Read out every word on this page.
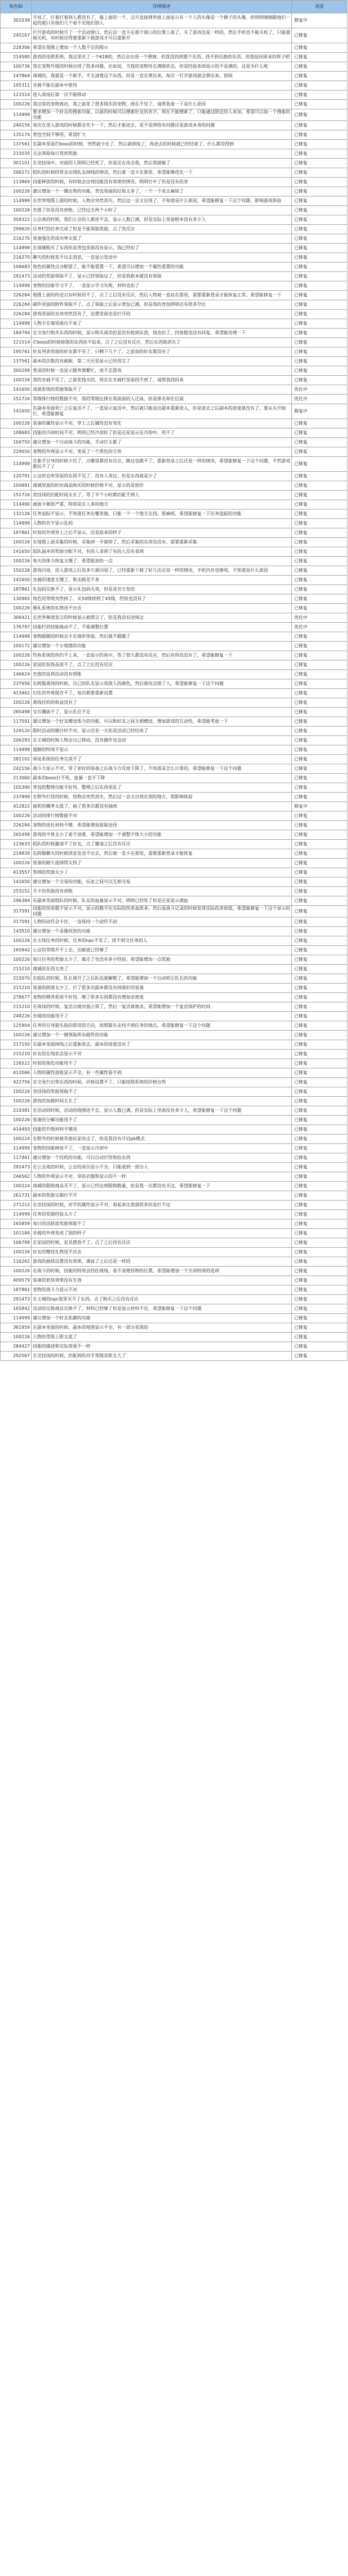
角色ID	详情描述	进度
301039	开局了，打着打着别人都没有了，最上面的一个，点开直接弹界面上面显示有一个人的头像是一个狮子的头像，但明明刚刚跟他们一起的就只有他们几个看不见他们别人	修复中
245167	打开游戏的时候开了一个活动窗口，然后会一直卡在那个窗口的位置上面了，关了游戏也是一样的，然后手机也不能关机了，只能强制关机，有时候还得要重新下载游戏才可以重新开	已修复
228306	希望在地图上增加一个人数不足的提示	已修复
214580	游戏的连锁系统，我这里充了一个618的，然后会出现一个弹窗，但我没找到那个东西，找不到兑换的东西，给我返回原来的样子吧	已修复
100736	我在宠物升级的时候出现了很多问题，比如说，当我的宠物处在满级状态，但是经验条却显示的不是满的，这是为什么呢	已修复
147864	商城的，我就是一个新手，不太清楚这个东西，但是一直在弹出来，每次一打开游戏就会弹出来，很烦	已修复
195311	坐骑不能在副本中使用	已修复
121514	进入战场后第一次不能移动	已修复
100226	我这里的宠物商店，我之前花了很多钱买的宠物，现在不见了，请帮我看一下是什么原因	已修复
114999	要求增加一个好友的搜索功能，以前的时候可以搜索好友的名字，现在不能搜索了，只能通过附近的人来加，希望可以加一个搜索的功能	已修复
240156	每次在进入游戏的时候都会先卡一下，然后才能进去，是不是网络有问题还是游戏本身的问题	已修复
135174	背包空间不够用，希望扩大	已修复
137561	在副本里面打boss的时候，突然就卡住了，然后就掉线了，再进去的时候就已经结束了，什么都没得到	已修复
215035	无法领取每日签到奖励	已修复
301101	在竞技场中，对面的人明明已经死了，但是还在攻击我，然后我就输了	已修复
206272	组队的时候经常会出现队友掉线的情况，然后就一直卡在那里，希望能够优化一下	已修复
113869	技能释放的时候，有时候会出现技能没有效果的情况，明明打中了但是没有伤害	已修复
100226	建议增加一个一键出售的功能，背包里面的垃圾太多了，一个一个卖太麻烦了	已修复
114999	在世界地图上面的时候，人物会突然消失，然后过一会又出现了，不知道是什么原因，希望能修复一下这个问题，影响游戏体验	已修复
100226	充值了但是没有到账，已经过去两个小时了	已修复
358322	公会战的时候，我们公会的人都进不去，显示人数已满，但是实际上里面根本没有多少人	已修复
299620	任务栏的任务完成了但是不能领取奖励，点了没反应	已修复
216270	装备强化的成功率太低了	已修复
114999	在商城购买了东西但是背包里面没有显示，钱已经扣了	已修复
216270	聊天的时候发不出去消息，一直显示发送中	已修复
108683	角色的属性点分配错了，能不能重置一下，希望可以增加一个属性重置的功能	已修复
291473	活动的奖励领取不了，显示已经领取过了，但是我根本就没有领取	已修复
114999	宠物的技能学习不了，一直显示学习失败，材料也扣了	已修复
226284	地图上面的传送点有时候用不了，点了之后没有反应，然后人物就一直站在那里，需要重新登录才能恢复正常，希望能修复一下	已修复
226284	邮件里面的附件领取不了，点了领取之后显示背包已满，但是我的背包明明还有很多空位	已修复
226284	游戏里面的音效突然没有了，设置里面也是打开的	已修复
114999	人物卡在墙里面出不来了	已修复
184794	在交易行购买东西的时候，显示购买成功但是没有收到东西，钱也扣了，找客服也没有回复，希望能处理一下	已修复
121514	打boss的时候掉落的东西捡不起来，点了之后没有反应，然后东西就消失了	已修复
195761	好友列表里面的好友都不见了，只剩下几个了，之前加的好友都没有了	已修复
137561	副本的次数没有刷新，第二天还是显示已经用完了	已修复
300299	登录的时候一直显示服务器繁忙，进不去游戏	已修复
100226	我的坐骑不见了，之前花钱买的，现在在坐骑栏里面找不到了，请帮我找回来	已修复
141650	成就系统的奖励领取不了	优化中
151726	等级排行榜的数据不对，我的等级比排在我前面的人还高，但是排名却在后面	优化中
141650	在副本里面死亡之后复活不了，一直显示复活中，然后就只能退出副本重新进入，但是进去之后副本的进度就没有了，要从头开始打，希望能修复	修复中
100226	装备的属性显示不对，穿上之后属性没有变化	已修复
108683	技能的冷却时间不对，明明已经冷却好了但是还是显示在冷却中，用不了	已修复
104750	建议增加一个自动战斗的功能，手动打太累了	已修复
229050	宠物的外观显示不对，变成了一个黑色的方块	已修复
114999	在新手引导的时候卡住了，点哪里都没有反应，跳过也跳不了，重新登录之后还是一样的情况，希望能修复一下这个问题，不然游戏都玩不了了	已修复
120791	公会的仓库里面的东西不见了，没有人拿过，但是东西就是少了	已修复
100891	商城里面的折扣商品购买的时候价格不对，显示的是原价	已修复
151726	竞技场的匹配时间太长了，等了半个小时都匹配不到人	已修复
114490	画面卡顿很严重，特别是在人多的地方	已修复
132126	任务追踪不显示，不知道任务在哪里做，只能一个一个地方去找，很麻烦，希望能修复一下任务追踪的功能	已修复
114999	人物的名字显示乱码	已修复
187861	时装的外观穿上之后不显示，还是原来的样子	已修复
100226	在地图上面采集的时候，采集到一半就停了，然后采集的东西也没有，需要重新采集	已修复
141650	组队副本的奖励分配不对，有的人拿到了有的人没有拿到	已修复
100226	每天的体力恢复太慢了，希望能加快一点	已修复
150226	游戏闪退，进入游戏之后没多久就闪退了，已经重新下载了好几次还是一样的情况，手机内存也够用，不知道是什么原因	已修复
141650	坐骑的速度太慢了，和走路差不多	已修复
187861	礼包码兑换不了，显示礼包码无效，但是是官方发的	已修复
130965	角色的等级突然掉了，从50级掉到了45级，经验也没有了	已修复
100226	婚礼系统的礼物送不出去	已修复
306421	在世界频道发言的时候显示被禁言了，但是我没有违规过	优化中
176797	技能栏的技能拖动不了，不能调整位置	优化中
114999	宠物跟随的时候会卡在地形里面，然后就不跟随了	已修复
100172	建议增加一个小地图的功能	已修复
100226	钓鱼系统的鱼钓不上来，一直显示钓鱼中，等了很久都没有反应，然后鱼饵也没有了，希望能修复一下	已修复
100226	家园的装饰品放不了，点了之后没有反应	已修复
146624	充值的返利活动没有到账	已修复
237656	在跨服战场的时候，自己的队友显示成敌人的颜色，然后就攻击错了人，希望能修复一下这个问题	已修复
413402	幻化的外观保存不了，每次都要重新设置	已修复
100226	离线挂机的收益没有了	已修复
265498	宝石镶嵌不了，显示孔位不足	已修复
117591	建议增加一个好友赠送体力的功能，可以和好友之间互相赠送，增加游戏的互动性，希望能考虑一下	已修复
129120	限时活动的倒计时不对，显示还有一天但是活动已经结束了	已修复
206293	在主城的时候人物会自己移动，没有操作也会动	已修复
114999	翅膀的特效不显示	已修复
281102	师徒系统的任务完成不了	已修复
242156	战斗力显示不对，穿了更好的装备之后战斗力反而下降了，不知道是怎么计算的，希望能修复一下这个问题	已修复
213060	副本的boss打不死，血量一直不下降	已修复
105390	背包的整理功能不好用，整理之后东西更乱了	已修复
237899	在野外打怪的时候，怪物会突然消失，然后过一会又出现在别的地方，很影响体验	已修复
412822	抽奖的概率太低了，抽了很多次都没有抽到	修复中
100226	活动的排行榜数据不对	已修复
226284	宠物的进化材料不够，希望能增加获取途径	已修复
265498	游戏的字体太小了看不清楚，希望能增加一个调整字体大小的功能	已修复
123633	组队的时候邀请不了好友，点了邀请之后没有反应	已修复
218839	在跨服聊天的时候消息发送不出去，然后就一直卡在那里，需要重新登录才能恢复	已修复
100226	装备的耐久度掉得太快了	已修复
413557	签到的奖励太少了	已修复
141650	建议增加一个交易的功能，玩家之间可以互相交易	已修复
253152	月卡的奖励没有到账	已修复
296384	在副本里面组队的时候，队友的血量显示不对，明明已经死了但是还是显示满血	已修复
317591	技能的伤害数字显示不对，显示的数字比实际的伤害高很多，然后看战斗记录的时候发现实际伤害很低，希望能修复一下这个显示的问题	已修复
317591	人物的动作会卡住，一直保持一个动作不动	已修复
143510	建议增加一个录像回放的功能	已修复
100226	在主线任务的时候，任务的npc不见了，找不到交任务的人	已修复
165842	公会的等级升不上去，贡献值已经够了	已修复
100226	每日任务的奖励太少了，做完了也没有多少经验，希望能增加一点奖励	已修复
215210	商城的东西太贵了	已修复
215070	在组队的时候，队长离开了之后队伍就解散了，希望能增加一个自动转让队长的功能	已修复
215210	装备的掉落太少了，打了很多次副本都没有掉落好的装备	已修复
278677	宠物的喂养系统不好用，喂了很多东西都没有增加亲密度	已修复
215210	在战场的时候，复活点被对面占领了，然后一复活就被杀，希望能增加一个复活保护的时间	已修复
249226	坐骑的技能用不了	已修复
125904	任务的引导箭头指向错误的方向，按照箭头走找不到任务的地点，希望能修复一下这个问题	已修复
100226	建议增加一个一键领取所有邮件的功能	已修复
217150	在副本里面掉线之后重新进去，副本的进度没有了	已修复
215210	好友的在线状态显示不对	已修复
126522	时装的染色功能用不了	已修复
412066	人物的属性面板显示不全，有一些属性看不到	已修复
422756	在交易行出售东西的时候，价格设置不了，只能按照系统的价格出售	已修复
100226	竞技场的奖励领取不了	已修复
100226	游戏的加载时间太长了	已修复
219381	在活动的时候，活动的地图进不去，显示人数已满，但是实际上里面没有多少人，希望能修复一下这个问题	已修复
100226	装备的分解功能用不了	已修复
414493	技能的升级材料不够用	已修复
100224	在野外的时候被其他玩家攻击了，但是我没有开启pk模式	已修复
114999	宠物的技能释放不了，一直显示冷却中	已修复
117461	建议增加一个挂机的功能，可以自动打怪和捡东西	已修复
291473	在公会战的时候，公会的成员显示不全，只能看到一部分人	已修复
246562	人物的外观显示不对，穿的衣服和显示的不一样	已修复
100224	商城的限购商品买不了，显示已经达到限购数量，但是我一次都没有买过，希望能修复一下	已修复
261731	副本的奖励宝箱打不开	已修复
271212	在竞技场的时候，对手的属性显示不对，看起来比我弱很多但是打不过	已修复
114999	任务的奖励经验太少了	已修复
165859	每日的活跃度奖励领取不了	已修复
101184	坐骑的外观变成了别的样子	已修复
106799	在家园的时候，家具摆放不了，点了之后没有反应	已修复
100226	好友的赠送礼物送不出去	已修复
116262	游戏的画质设置没有效果，调高了之后还是一样的	已修复
100226	在战斗的时候，技能的特效会挡住视线，看不清楚怪物的位置，希望能增加一个关闭特效的选项	已修复
409579	装备的套装效果没有生效	已修复
187861	宠物的战斗力显示不对	已修复
291473	在主城的npc那里买不了东西，点了购买之后没有反应	已修复
165842	活动的兑换商店兑换不了，材料已经够了但是显示材料不足，希望能修复一下这个问题	已修复
114999	建议增加一个好友私聊的功能	已修复
381959	在副本里面的时候，副本的地图显示不全，有一部分是黑的	已修复
100226	人物的等级上限太低了	已修复
284427	技能的描述和实际效果不一样	已修复
292567	在竞技场的时候，匹配到的对手等级差距太大了	已修复
